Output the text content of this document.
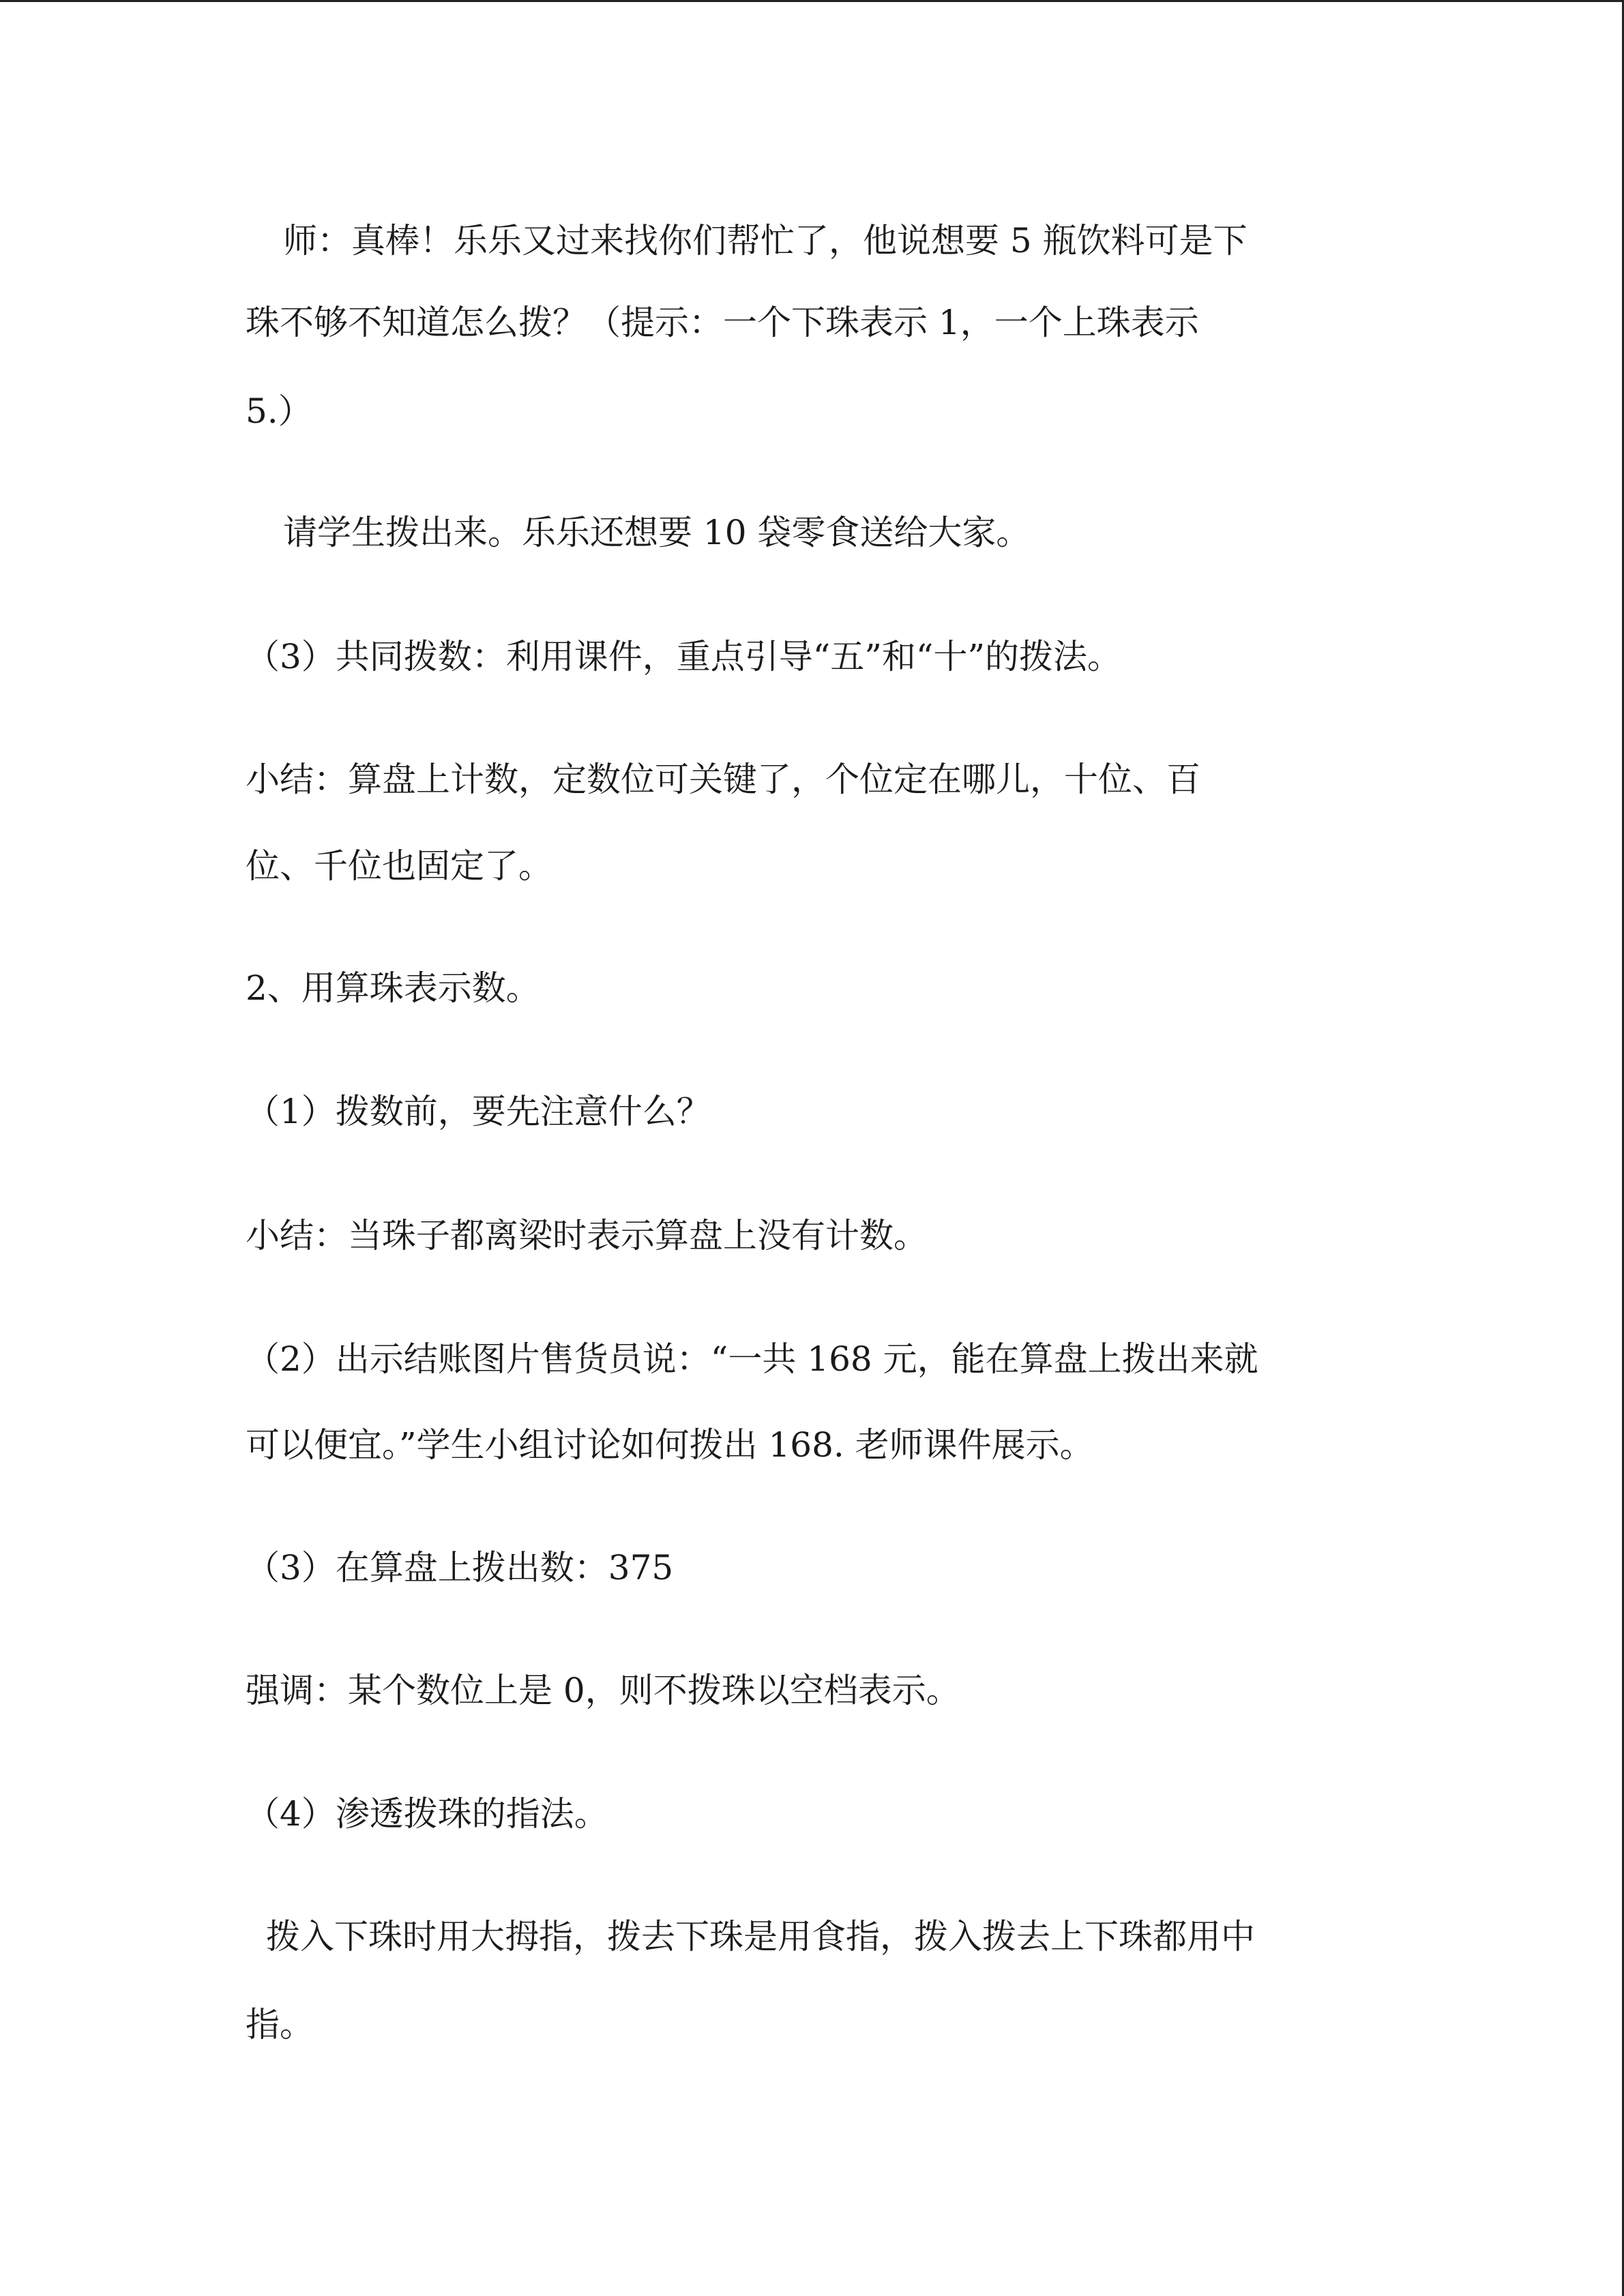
师：真棒！乐乐又过来找你们帮忙了，他说想要 5 瓶饮料可是下
珠不够不知道怎么拨？（提示：一个下珠表示 1，一个上珠表示
5.）
请学生拨出来。乐乐还想要 10 袋零食送给大家。
（3）共同拨数：利用课件，重点引导“五”和“十”的拨法。
小结：算盘上计数，定数位可关键了，个位定在哪儿，十位、百
位、千位也固定了。
2、用算珠表示数。
（1）拨数前，要先注意什么？
小结：当珠子都离梁时表示算盘上没有计数。
（2）出示结账图片售货员说：“一共 168 元，能在算盘上拨出来就
可以便宜。”学生小组讨论如何拨出 168. 老师课件展示。
（3）在算盘上拨出数：375
强调：某个数位上是 0，则不拨珠以空档表示。
（4）渗透拨珠的指法。
拨入下珠时用大拇指，拨去下珠是用食指，拨入拨去上下珠都用中
指。
